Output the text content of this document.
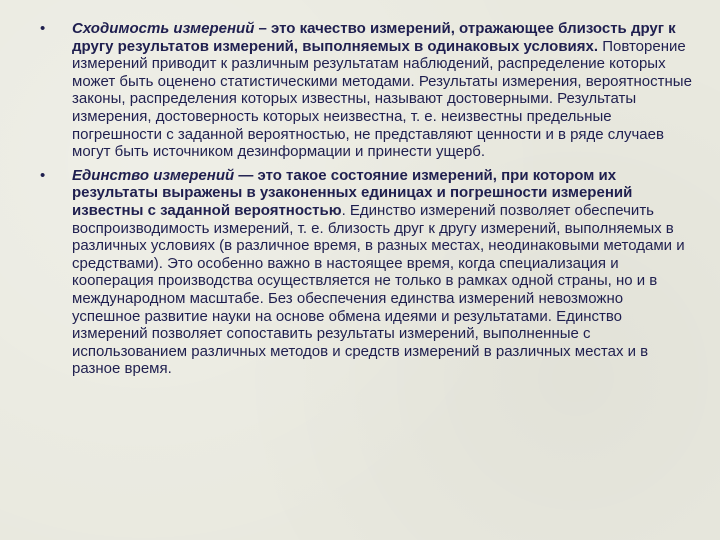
• Сходимость измерений – это качество измерений, отражающее близость друг к другу результатов измерений, выполняемых в одинаковых условиях. Повторение измерений приводит к различным результатам наблюдений, распределение которых может быть оценено статистическими методами. Результаты измерения, вероятностные законы, распределения которых известны, называют достоверными. Результаты измерения, достоверность которых неизвестна, т. е. неизвестны предельные погрешности с заданной вероятностью, не представляют ценности и в ряде случаев могут быть источником дезинформации и принести ущерб.
• Единство измерений — это такое состояние измерений, при котором их результаты выражены в узаконенных единицах и погрешности измерений известны с заданной вероятностью. Единство измерений позволяет обеспечить воспроизводимость измерений, т. е. близость друг к другу измерений, выполняемых в различных условиях (в различное время, в разных местах, неодинаковыми методами и средствами). Это особенно важно в настоящее время, когда специализация и кооперация производства осуществляется не только в рамках одной страны, но и в международном масштабе. Без обеспечения единства измерений невозможно успешное развитие науки на основе обмена идеями и результатами. Единство измерений позволяет сопоставить результаты измерений, выполненные с использованием различных методов и средств измерений в различных местах и в разное время.
